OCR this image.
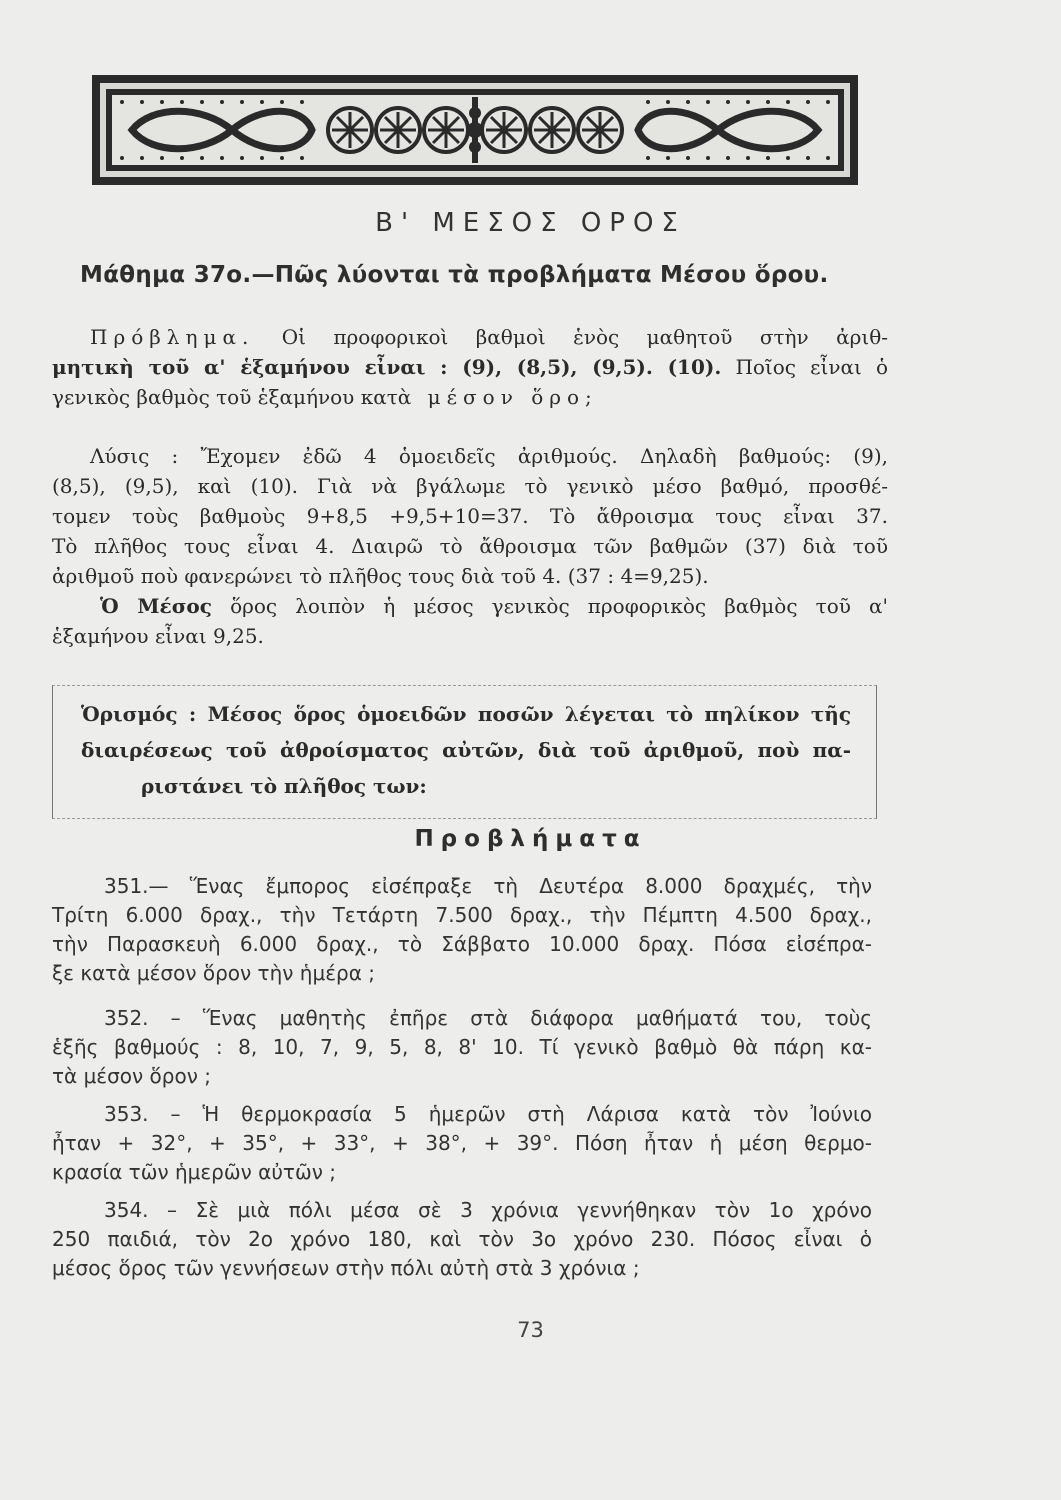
Β' ΜΕΣΟΣ ΟΡΟΣ
Μάθημα 37ο.—Πῶς λύονται τὰ προβλήματα Μέσου ὅρου.
Πρόβλημα. Οἱ προφορικοὶ βαθμοὶ ἑνὸς μαθητοῦ στὴν ἀριθ-
μητικὴ τοῦ α' ἑξαμήνου εἶναι : (9), (8,5), (9,5). (10). Ποῖος εἶναι ὁ
γενικὸς βαθμὸς τοῦ ἑξαμήνου κατὰ μέσον ὅρο;
Λύσις : Ἔχομεν ἐδῶ 4 ὁμοειδεῖς ἀριθμούς. Δηλαδὴ βαθμούς: (9),
(8,5), (9,5), καὶ (10). Γιὰ νὰ βγάλωμε τὸ γενικὸ μέσο βαθμό, προσθέ-
τομεν τοὺς βαθμοὺς 9+8,5 +9,5+10=37. Τὸ ἄθροισμα τους εἶναι 37.
Τὸ πλῆθος τους εἶναι 4. Διαιρῶ τὸ ἄθροισμα τῶν βαθμῶν (37) διὰ τοῦ
ἀριθμοῦ ποὺ φανερώνει τὸ πλῆθος τους διὰ τοῦ 4. (37 : 4=9,25).
Ὁ Μέσος ὅρος λοιπὸν ἡ μέσος γενικὸς προφορικὸς βαθμὸς τοῦ α'
ἑξαμήνου εἶναι 9,25.
Ὁρισμός : Μέσος ὅρος ὁμοειδῶν ποσῶν λέγεται τὸ πηλίκον τῆς
διαιρέσεως τοῦ ἀθροίσματος αὐτῶν, διὰ τοῦ ἀριθμοῦ, ποὺ πα-
ριστάνει τὸ πλῆθος των:
Προβλήματα
351.— Ἕνας ἔμπορος εἰσέπραξε τὴ Δευτέρα 8.000 δραχμές, τὴν
Τρίτη 6.000 δραχ., τὴν Τετάρτη 7.500 δραχ., τὴν Πέμπτη 4.500 δραχ.,
τὴν Παρασκευὴ 6.000 δραχ., τὸ Σάββατο 10.000 δραχ. Πόσα εἰσέπρα-
ξε κατὰ μέσον ὅρον τὴν ἡμέρα ;
352. – Ἕνας μαθητὴς ἐπῆρε στὰ διάφορα μαθήματά του, τοὺς
ἑξῆς βαθμούς : 8, 10, 7, 9, 5, 8, 8' 10. Τί γενικὸ βαθμὸ θὰ πάρη κα-
τὰ μέσον ὅρον ;
353. – Ἡ θερμοκρασία 5 ἡμερῶν στὴ Λάρισα κατὰ τὸν Ἰούνιο
ἦταν + 32°, + 35°, + 33°, + 38°, + 39°. Πόση ἦταν ἡ μέση θερμο-
κρασία τῶν ἡμερῶν αὐτῶν ;
354. – Σὲ μιὰ πόλι μέσα σὲ 3 χρόνια γεννήθηκαν τὸν 1ο χρόνο
250 παιδιά, τὸν 2ο χρόνο 180, καὶ τὸν 3ο χρόνο 230. Πόσος εἶναι ὁ
μέσος ὅρος τῶν γεννήσεων στὴν πόλι αὐτὴ στὰ 3 χρόνια ;
73
